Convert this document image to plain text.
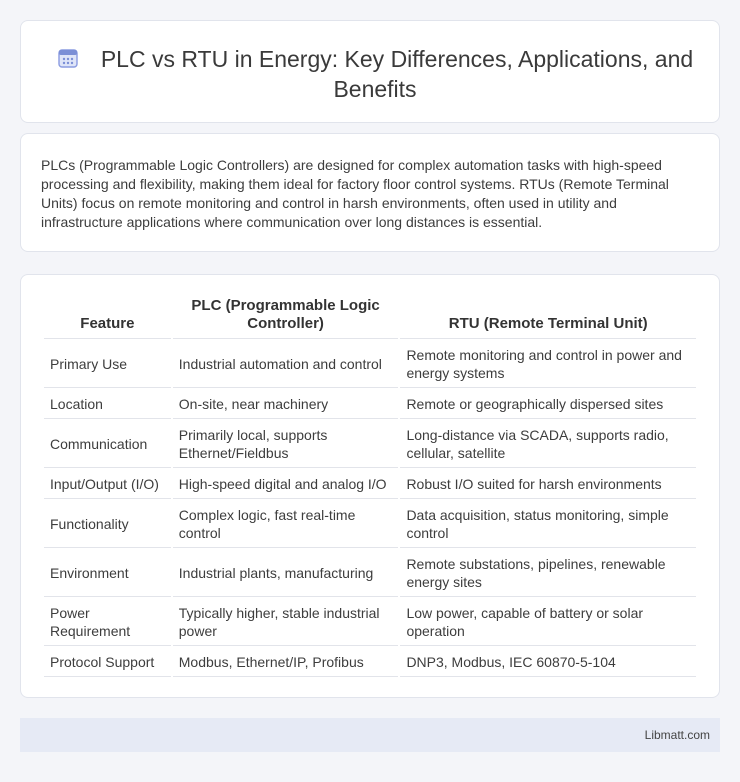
PLC vs RTU in Energy: Key Differences, Applications, and Benefits

PLCs (Programmable Logic Controllers) are designed for complex automation tasks with high-speed processing and flexibility, making them ideal for factory floor control systems. RTUs (Remote Terminal Units) focus on remote monitoring and control in harsh environments, often used in utility and infrastructure applications where communication over long distances is essential.

Feature	PLC (Programmable Logic Controller)	RTU (Remote Terminal Unit)
Primary Use	Industrial automation and control	Remote monitoring and control in power and energy systems
Location	On-site, near machinery	Remote or geographically dispersed sites
Communication	Primarily local, supports Ethernet/Fieldbus	Long-distance via SCADA, supports radio, cellular, satellite
Input/Output (I/O)	High-speed digital and analog I/O	Robust I/O suited for harsh environments
Functionality	Complex logic, fast real-time control	Data acquisition, status monitoring, simple control
Environment	Industrial plants, manufacturing	Remote substations, pipelines, renewable energy sites
Power Requirement	Typically higher, stable industrial power	Low power, capable of battery or solar operation
Protocol Support	Modbus, Ethernet/IP, Profibus	DNP3, Modbus, IEC 60870-5-104
Libmatt.com
